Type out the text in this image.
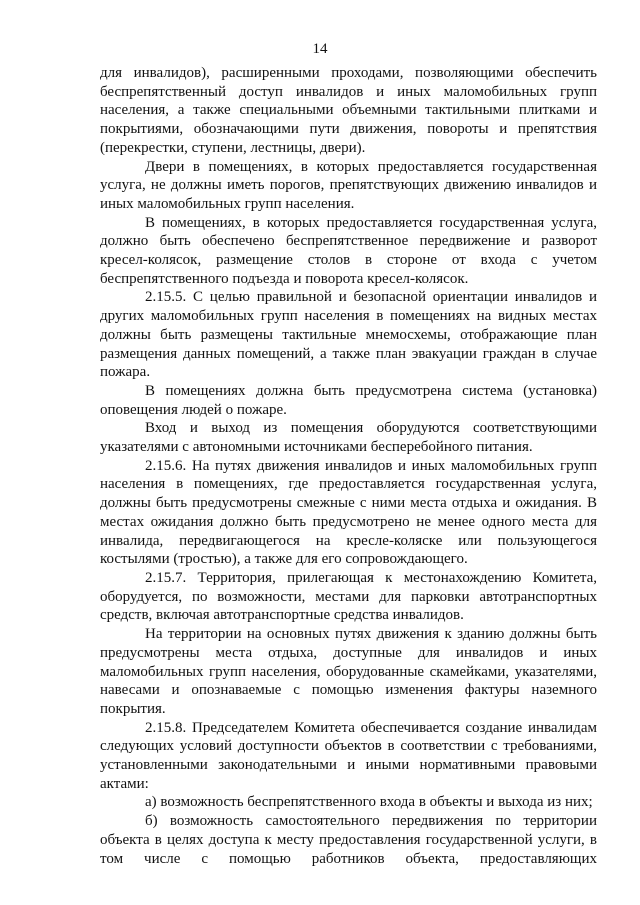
14

для инвалидов), расширенными проходами, позволяющими обеспечить беспрепятственный доступ инвалидов и иных маломобильных групп населения, а также специальными объемными тактильными плитками и покрытиями, обозначающими пути движения, повороты и препятствия (перекрестки, ступени, лестницы, двери).

Двери в помещениях, в которых предоставляется государственная услуга, не должны иметь порогов, препятствующих движению инвалидов и иных маломобильных групп населения.

В помещениях, в которых предоставляется государственная услуга, должно быть обеспечено беспрепятственное передвижение и разворот кресел-колясок, размещение столов в стороне от входа с учетом беспрепятственного подъезда и поворота кресел-колясок.

2.15.5. С целью правильной и безопасной ориентации инвалидов и других маломобильных групп населения в помещениях на видных местах должны быть размещены тактильные мнемосхемы, отображающие план размещения данных помещений, а также план эвакуации граждан в случае пожара.

В помещениях должна быть предусмотрена система (установка) оповещения людей о пожаре.

Вход и выход из помещения оборудуются соответствующими указателями с автономными источниками бесперебойного питания.

2.15.6. На путях движения инвалидов и иных маломобильных групп населения в помещениях, где предоставляется государственная услуга, должны быть предусмотрены смежные с ними места отдыха и ожидания. В местах ожидания должно быть предусмотрено не менее одного места для инвалида, передвигающегося на кресле-коляске или пользующегося костылями (тростью), а также для его сопровождающего.

2.15.7. Территория, прилегающая к местонахождению Комитета, оборудуется, по возможности, местами для парковки автотранспортных средств, включая автотранспортные средства инвалидов.

На территории на основных путях движения к зданию должны быть предусмотрены места отдыха, доступные для инвалидов и иных маломобильных групп населения, оборудованные скамейками, указателями, навесами и опознаваемые с помощью изменения фактуры наземного покрытия.

2.15.8. Председателем Комитета обеспечивается создание инвалидам следующих условий доступности объектов в соответствии с требованиями, установленными законодательными и иными нормативными правовыми актами:

а) возможность беспрепятственного входа в объекты и выхода из них;

б) возможность самостоятельного передвижения по территории объекта в целях доступа к месту предоставления государственной услуги, в том числе с помощью работников объекта, предоставляющих
